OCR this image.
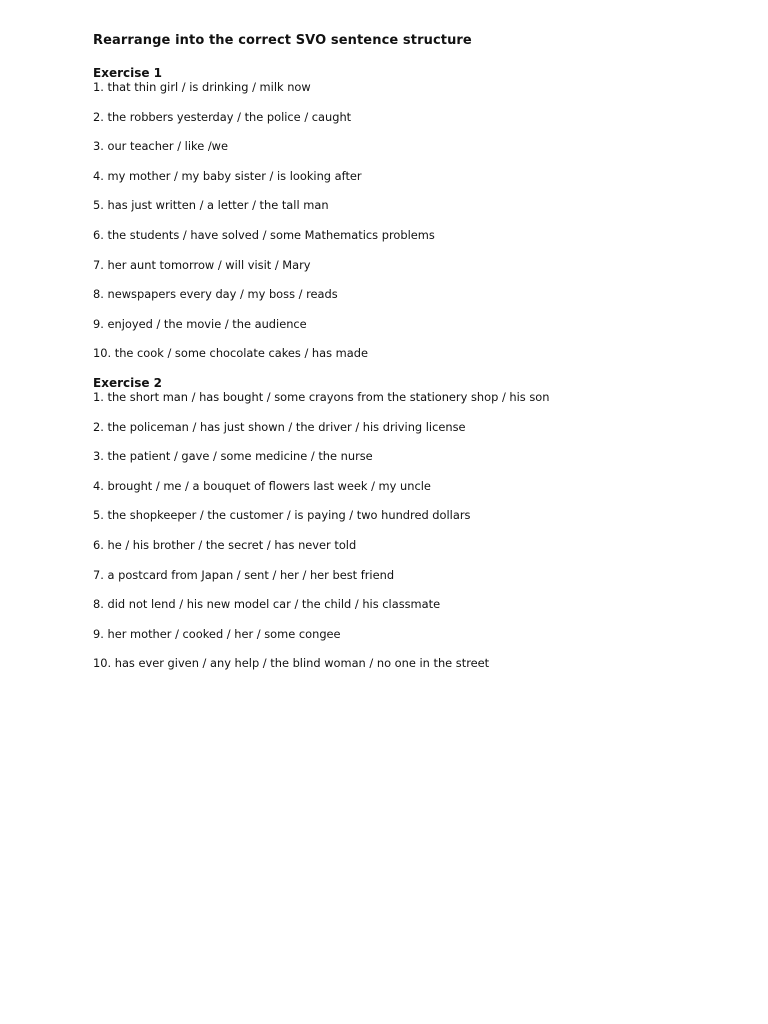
Rearrange into the correct SVO sentence structure
Exercise 1
1. that thin girl / is drinking / milk now
2. the robbers yesterday / the police / caught
3. our teacher / like /we
4. my mother / my baby sister / is looking after
5. has just written / a letter / the tall man
6. the students / have solved / some Mathematics problems
7. her aunt tomorrow / will visit / Mary
8. newspapers every day / my boss / reads
9. enjoyed / the movie / the audience
10. the cook / some chocolate cakes / has made
Exercise 2
1. the short man / has bought / some crayons from the stationery shop / his son
2. the policeman / has just shown / the driver / his driving license
3. the patient / gave / some medicine / the nurse
4. brought / me / a bouquet of flowers last week / my uncle
5. the shopkeeper / the customer / is paying / two hundred dollars
6. he / his brother / the secret / has never told
7. a postcard from Japan / sent / her / her best friend
8. did not lend / his new model car / the child / his classmate
9. her mother / cooked / her / some congee
10. has ever given / any help / the blind woman / no one in the street
